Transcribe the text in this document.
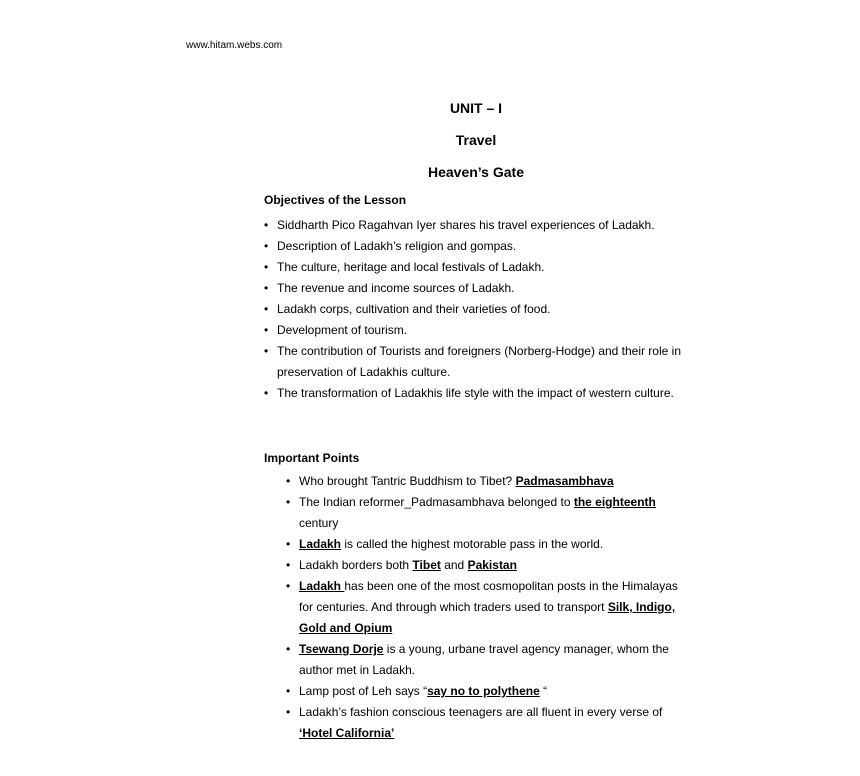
www.hitam.webs.com
UNIT – I
Travel
Heaven’s Gate
Objectives of the Lesson
• Siddharth Pico Ragahvan Iyer shares his travel experiences of Ladakh.
• Description of Ladakh’s religion and gompas.
• The culture, heritage and local festivals of Ladakh.
• The revenue and income sources of Ladakh.
• Ladakh corps, cultivation and their varieties of food.
• Development of tourism.
• The contribution of Tourists and foreigners (Norberg-Hodge) and their role in preservation of Ladakhis culture.
• The transformation of Ladakhis life style with the impact of western culture.
Important Points
• Who brought Tantric Buddhism to Tibet? Padmasambhava
• The Indian reformer_Padmasambhava belonged to the eighteenth
century
• Ladakh is called the highest motorable pass in the world.
• Ladakh borders both Tibet and Pakistan
• Ladakh has been one of the most cosmopolitan posts in the Himalayas for centuries. And through which traders used to transport Silk, Indigo, Gold and Opium
• Tsewang Dorje is a young, urbane travel agency manager, whom the author met in Ladakh.
• Lamp post of Leh says “say no to polythene “
• Ladakh’s fashion conscious teenagers are all fluent in every verse of
‘Hotel California’
